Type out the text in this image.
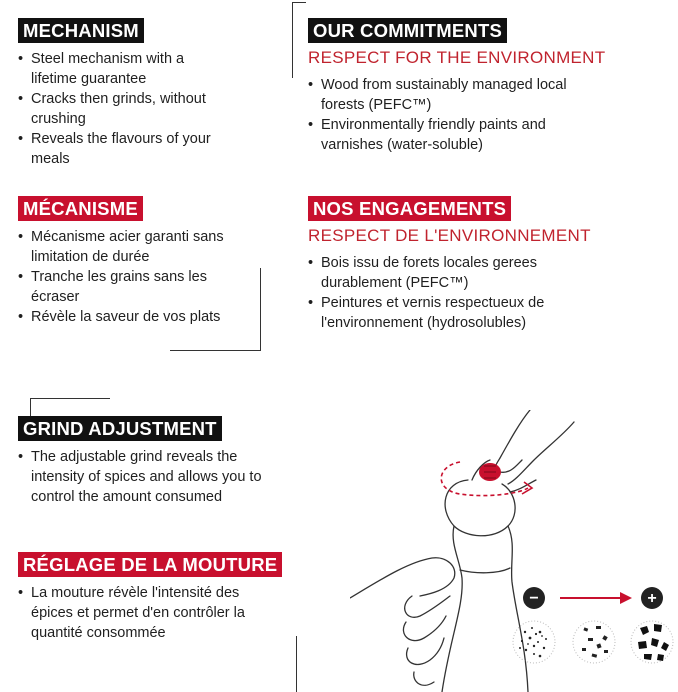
MECHANISM
• Steel mechanism with a lifetime guarantee
• Cracks then grinds, without crushing
• Reveals the flavours of your meals
OUR COMMITMENTS
RESPECT FOR THE ENVIRONMENT
• Wood from sustainably managed local forests (PEFC™)
• Environmentally friendly paints and varnishes (water-soluble)
MÉCANISME
• Mécanisme acier garanti sans limitation de durée
• Tranche les grains sans les écraser
• Révèle la saveur de vos plats
NOS ENGAGEMENTS
RESPECT DE L'ENVIRONNEMENT
• Bois issu de forets locales gerees durablement (PEFC™)
• Peintures et vernis respectueux de l'environnement (hydrosolubles)
GRIND ADJUSTMENT
• The adjustable grind reveals the intensity of spices and allows you to control the amount consumed
RÉGLAGE DE LA MOUTURE
• La mouture révèle l'intensité des épices et permet d'en contrôler la quantité consommée
−	+
